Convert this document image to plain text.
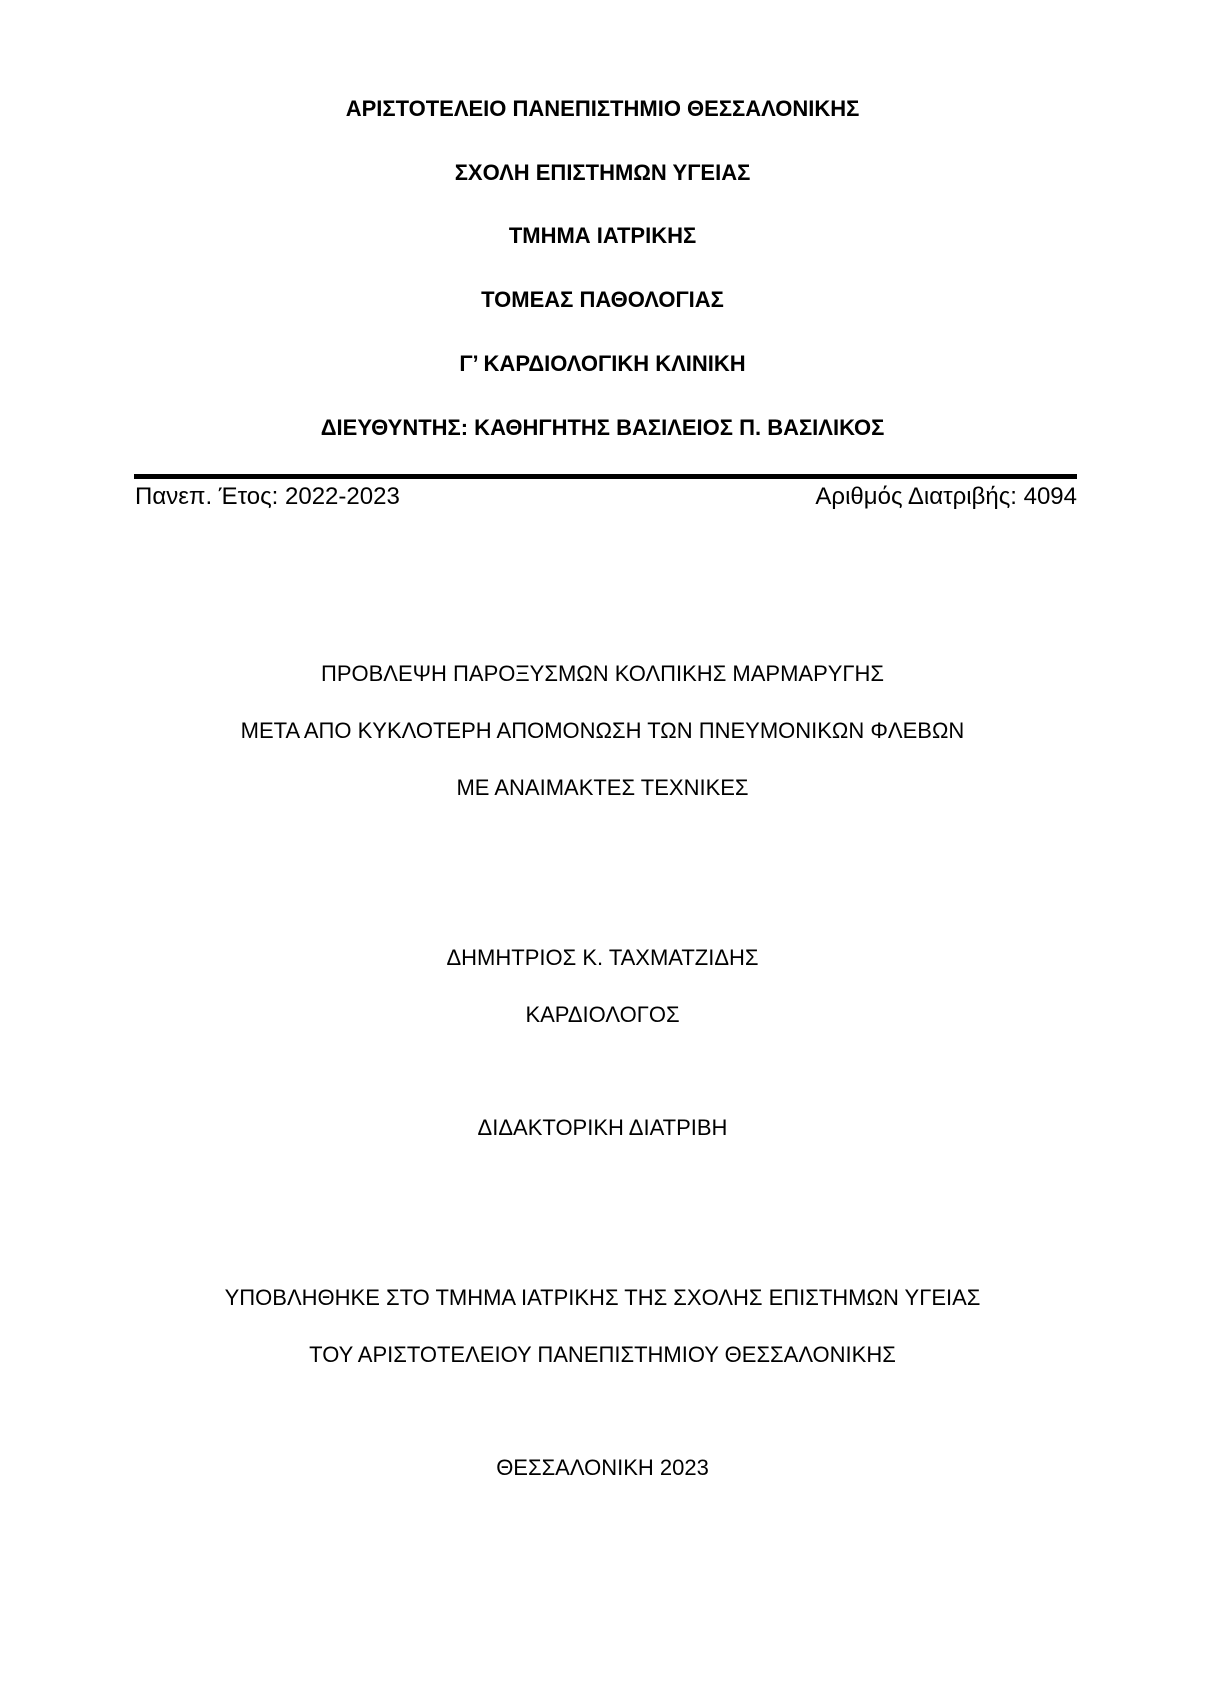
ΑΡΙΣΤΟΤΕΛΕΙΟ ΠΑΝΕΠΙΣΤΗΜΙΟ ΘΕΣΣΑΛΟΝΙΚΗΣ
ΣΧΟΛΗ ΕΠΙΣΤΗΜΩΝ ΥΓΕΙΑΣ
ΤΜΗΜΑ ΙΑΤΡΙΚΗΣ
ΤΟΜΕΑΣ ΠΑΘΟΛΟΓΙΑΣ
Γ’ ΚΑΡΔΙΟΛΟΓΙΚΗ ΚΛΙΝΙΚΗ
ΔΙΕΥΘΥΝΤΗΣ: ΚΑΘΗΓΗΤΗΣ ΒΑΣΙΛΕΙΟΣ Π. ΒΑΣΙΛΙΚΟΣ
Πανεπ. Έτος: 2022-2023	Αριθμός Διατριβής: 4094
ΠΡΟΒΛΕΨΗ ΠΑΡΟΞΥΣΜΩΝ ΚΟΛΠΙΚΗΣ ΜΑΡΜΑΡΥΓΗΣ
ΜΕΤΑ ΑΠΟ ΚΥΚΛΟΤΕΡΗ ΑΠΟΜΟΝΩΣΗ ΤΩΝ ΠΝΕΥΜΟΝΙΚΩΝ ΦΛΕΒΩΝ
ΜΕ ΑΝΑΙΜΑΚΤΕΣ ΤΕΧΝΙΚΕΣ
ΔΗΜΗΤΡΙΟΣ Κ. ΤΑΧΜΑΤΖΙΔΗΣ
ΚΑΡΔΙΟΛΟΓΟΣ
ΔΙΔΑΚΤΟΡΙΚΗ ΔΙΑΤΡΙΒΗ
ΥΠΟΒΛΗΘΗΚΕ ΣΤΟ ΤΜΗΜΑ ΙΑΤΡΙΚΗΣ ΤΗΣ ΣΧΟΛΗΣ ΕΠΙΣΤΗΜΩΝ ΥΓΕΙΑΣ
ΤΟΥ ΑΡΙΣΤΟΤΕΛΕΙΟΥ ΠΑΝΕΠΙΣΤΗΜΙΟΥ ΘΕΣΣΑΛΟΝΙΚΗΣ
ΘΕΣΣΑΛΟΝΙΚΗ 2023
